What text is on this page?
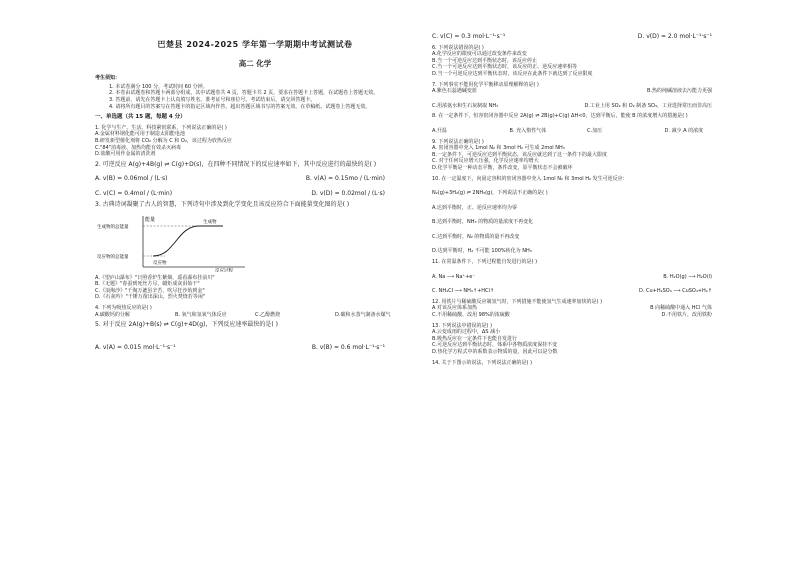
巴楚县 2024-2025 学年第一学期期中考试测试卷
高二 化学
考生须知：

1. 本试卷满分 100 分，考试时间 60 分钟。

2. 本卷由试题卷和答题卡两部分组成，其中试题卷共 4 页，答题卡共 2 页。要求在答题卡上答题，在试题卷上答题无效。

3. 答题前，请先在答题卡上认真填写姓名、准考证号和座位号。考试结束后，请交回答题卡。

4. 请将所有题目的答案写在答题卡的指定区域内作答，超出答题区域书写的答案无效。在草稿纸、试题卷上答题无效。

一、单选题（共 15 题，每题 4 分）
1. 化学与生产、生活、科技紧密联系，下列说法正确的是( )
A.金属材料钢化能可用于制造太阳能电池
B.研发新型催化剂将 CO₂ 分解为 C 和 O₂，该过程为放热反应
C."84"消毒液、加热均能有效杀灭病毒
D.盐酸可用作金属的清洗剂
2. 可逆反应 A(g)+4B(g) ⇌ C(g)+D(s)，在四种不同情况下的反应速率如下，其中反应进行的最快的是( )
A. v(B) = 0.06mol / (L·s)	B. v(A) = 0.15mo / (L·min)
C. v(C) = 0.4mol / (L·min)	D. v(D) = 0.02mol / (L·s)
3. 古典诗词凝聚了古人的智慧，下列诗句中涉及到化学变化且该反应符合下面能量变化图的是( )
能量
生成物的总能量
反应物的总能量
生成物
反应物
反应过程
A.《望庐山瀑布》"日照香炉生紫烟，遥看瀑布挂前川"
B.《无题》"春蚕到死丝方尽，蜡炬成灰泪始干"
C.《浪淘沙》"千淘万漉虽辛苦，吹尽狂沙始到金"
D.《石灰吟》"千锤万凿出深山，烈火焚烧若等闲"
4. 下列为吸热反应的是( )
A.碳酸钙的分解	B. 氧气和氢氧气体反应	C.乙醇燃烧	D.碳和水蒸气制备水煤气
5. 对于反应 2A(g)+B(s) ⇌ C(g)+4D(g)，下列反应速率最快的是( )
A. v(A) = 0.015 mol·L⁻¹·s⁻¹	B. v(B) = 0.6 mol·L⁻¹·s⁻¹
C. v(C) = 0.3 mol·L⁻¹·s⁻¹	D. v(D) = 2.0 mol·L⁻¹·s⁻¹
6. 下列说法错误的是( )
A.化学反应的限度可以通过改变条件来改变
B.当一个可逆反应达到平衡状态时，该反应停止
C.当一个可逆反应达到平衡状态时，该反应的正、逆反应速率相等
D.当一个可逆反应达到平衡状态时，该反应在此条件下就达到了反应限度
7. 下列事实不能用化学平衡移动原理解释的是( )
A.紫色石蕊遇碱变蓝	B.热的纯碱溶液去污能力更强
C.用浓氨水和生石灰制取 NH₃	D.工业上用 SO₂ 和 O₂ 制备 SO₃，工业选择常压而非高压
8. 在一定条件下，恒容密闭容器中反应 2A(g) ⇌ 2B(g)+C(g) ΔH<0，达到平衡后，能使 B 的浓度增大的措施是( )
A.升温	B. 充入惰性气体	C.加压	D. 减少 A 的浓度
9. 下列说法正确的是( )
A. 密闭容器中充入 1mol N₂ 和 3mol H₂ 可生成 2mol NH₃
B.一定条件下，可逆反应达到平衡状态，该反应就达到了这一条件下的最大限度
C. 对于任何反应增大压强，化学反应速率均增大
D.化学平衡是一种动态平衡，条件改变，原平衡状态不会被破坏
10. 在一定温度下，向固定容积的密闭容器中充入 1mol N₂ 和 3mol H₂ 发生可逆反应：
N₂(g)+3H₂(g) ⇌ 2NH₃(g)，下列说法不正确的是( )
A.达到平衡时，正、逆反应速率均为零
B.达到平衡时，NH₃ 的物质的量浓度不再变化
C.达到平衡时，N₂ 的物质的量不再改变
D.达到平衡时，H₂ 不可能 100%转化为 NH₃
11. 在常温条件下，下列过程能自发进行的是( )
A. Na ⟶ Na⁺+e⁻	B. H₂O(g) ⟶ H₂O(l)
C. NH₄Cl ⟶ NH₃↑+HCl↑	D. Cu+H₂SO₄ ⟶ CuSO₄+H₂↑
12. 用铁片与稀硫酸反应制氢气时，下列措施不能使氢气生成速率加快的是( )
A 对该反应体系加热	B 向稀硫酸中通入 HCl 气体
C.不用稀硫酸，改用 98%的浓硫酸	D.不用铁片，改用铁粉
13. 下列说法中错误的是( )
A.云变成雨的过程中，ΔS 减小
B.吸热反应在一定条件下也能自发进行
C.可逆反应达到平衡状态时，体系中各物质浓度保持不变
D.热化学方程式中的系数表示物质的量，因此可以是分数
14. 关于下图示的说法，下列说法正确的是( )
